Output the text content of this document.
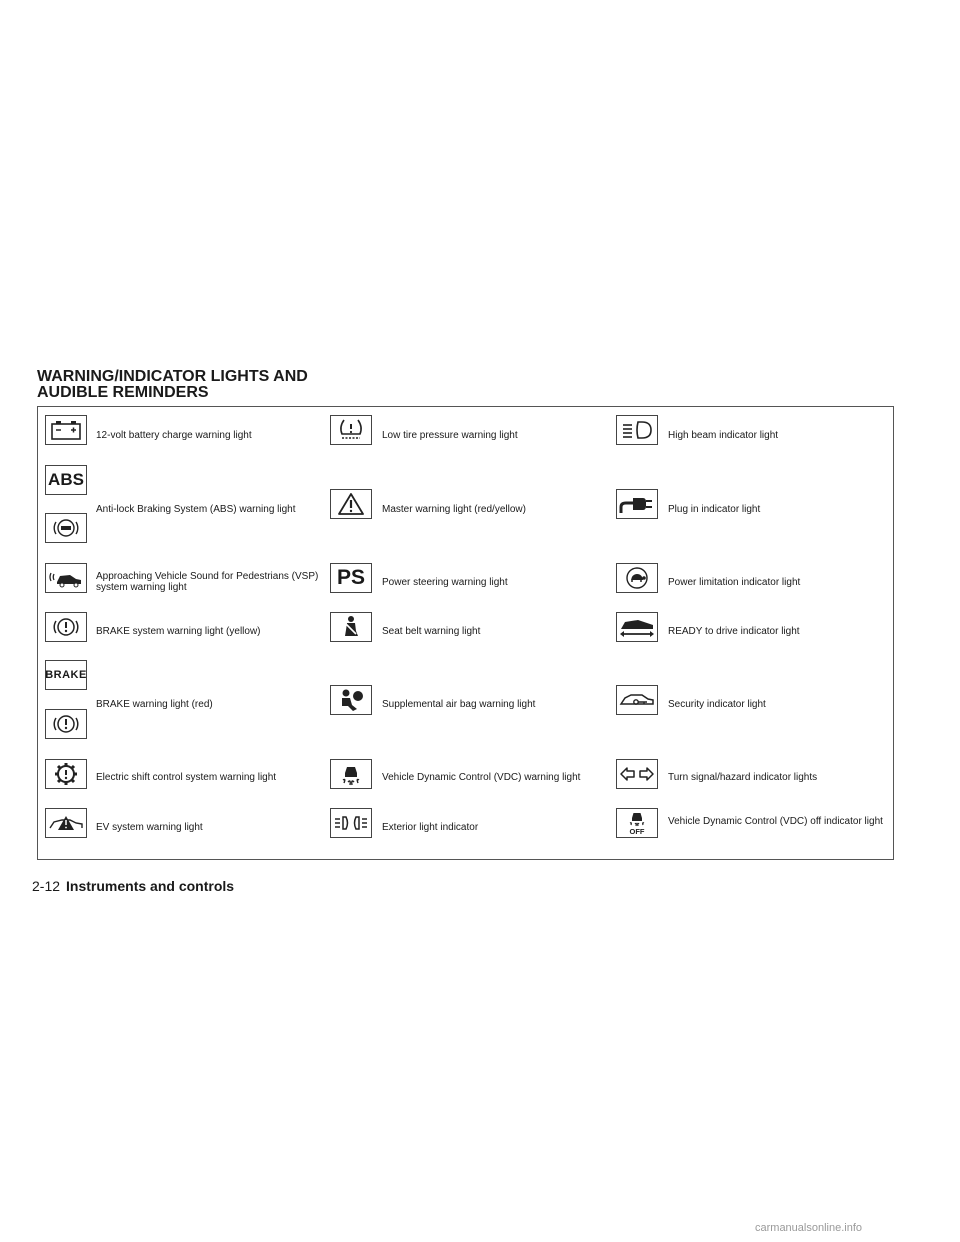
WARNING/INDICATOR LIGHTS AND
AUDIBLE REMINDERS
12-volt battery charge warning light
ABS
Anti-lock Braking System (ABS) warning light
Approaching Vehicle Sound for Pedestrians (VSP) system warning light
BRAKE system warning light (yellow)
BRAKE
BRAKE warning light (red)
Electric shift control system warning light
EV system warning light
Low tire pressure warning light
Master warning light (red/yellow)
PS Power steering warning light
Seat belt warning light
Supplemental air bag warning light
Vehicle Dynamic Control (VDC) warning light
Exterior light indicator
High beam indicator light
Plug in indicator light
Power limitation indicator light
READY to drive indicator light
Security indicator light
Turn signal/hazard indicator lights
OFF
Vehicle Dynamic Control (VDC) off indicator light
2-12 Instruments and controls
carmanualsonline.info
